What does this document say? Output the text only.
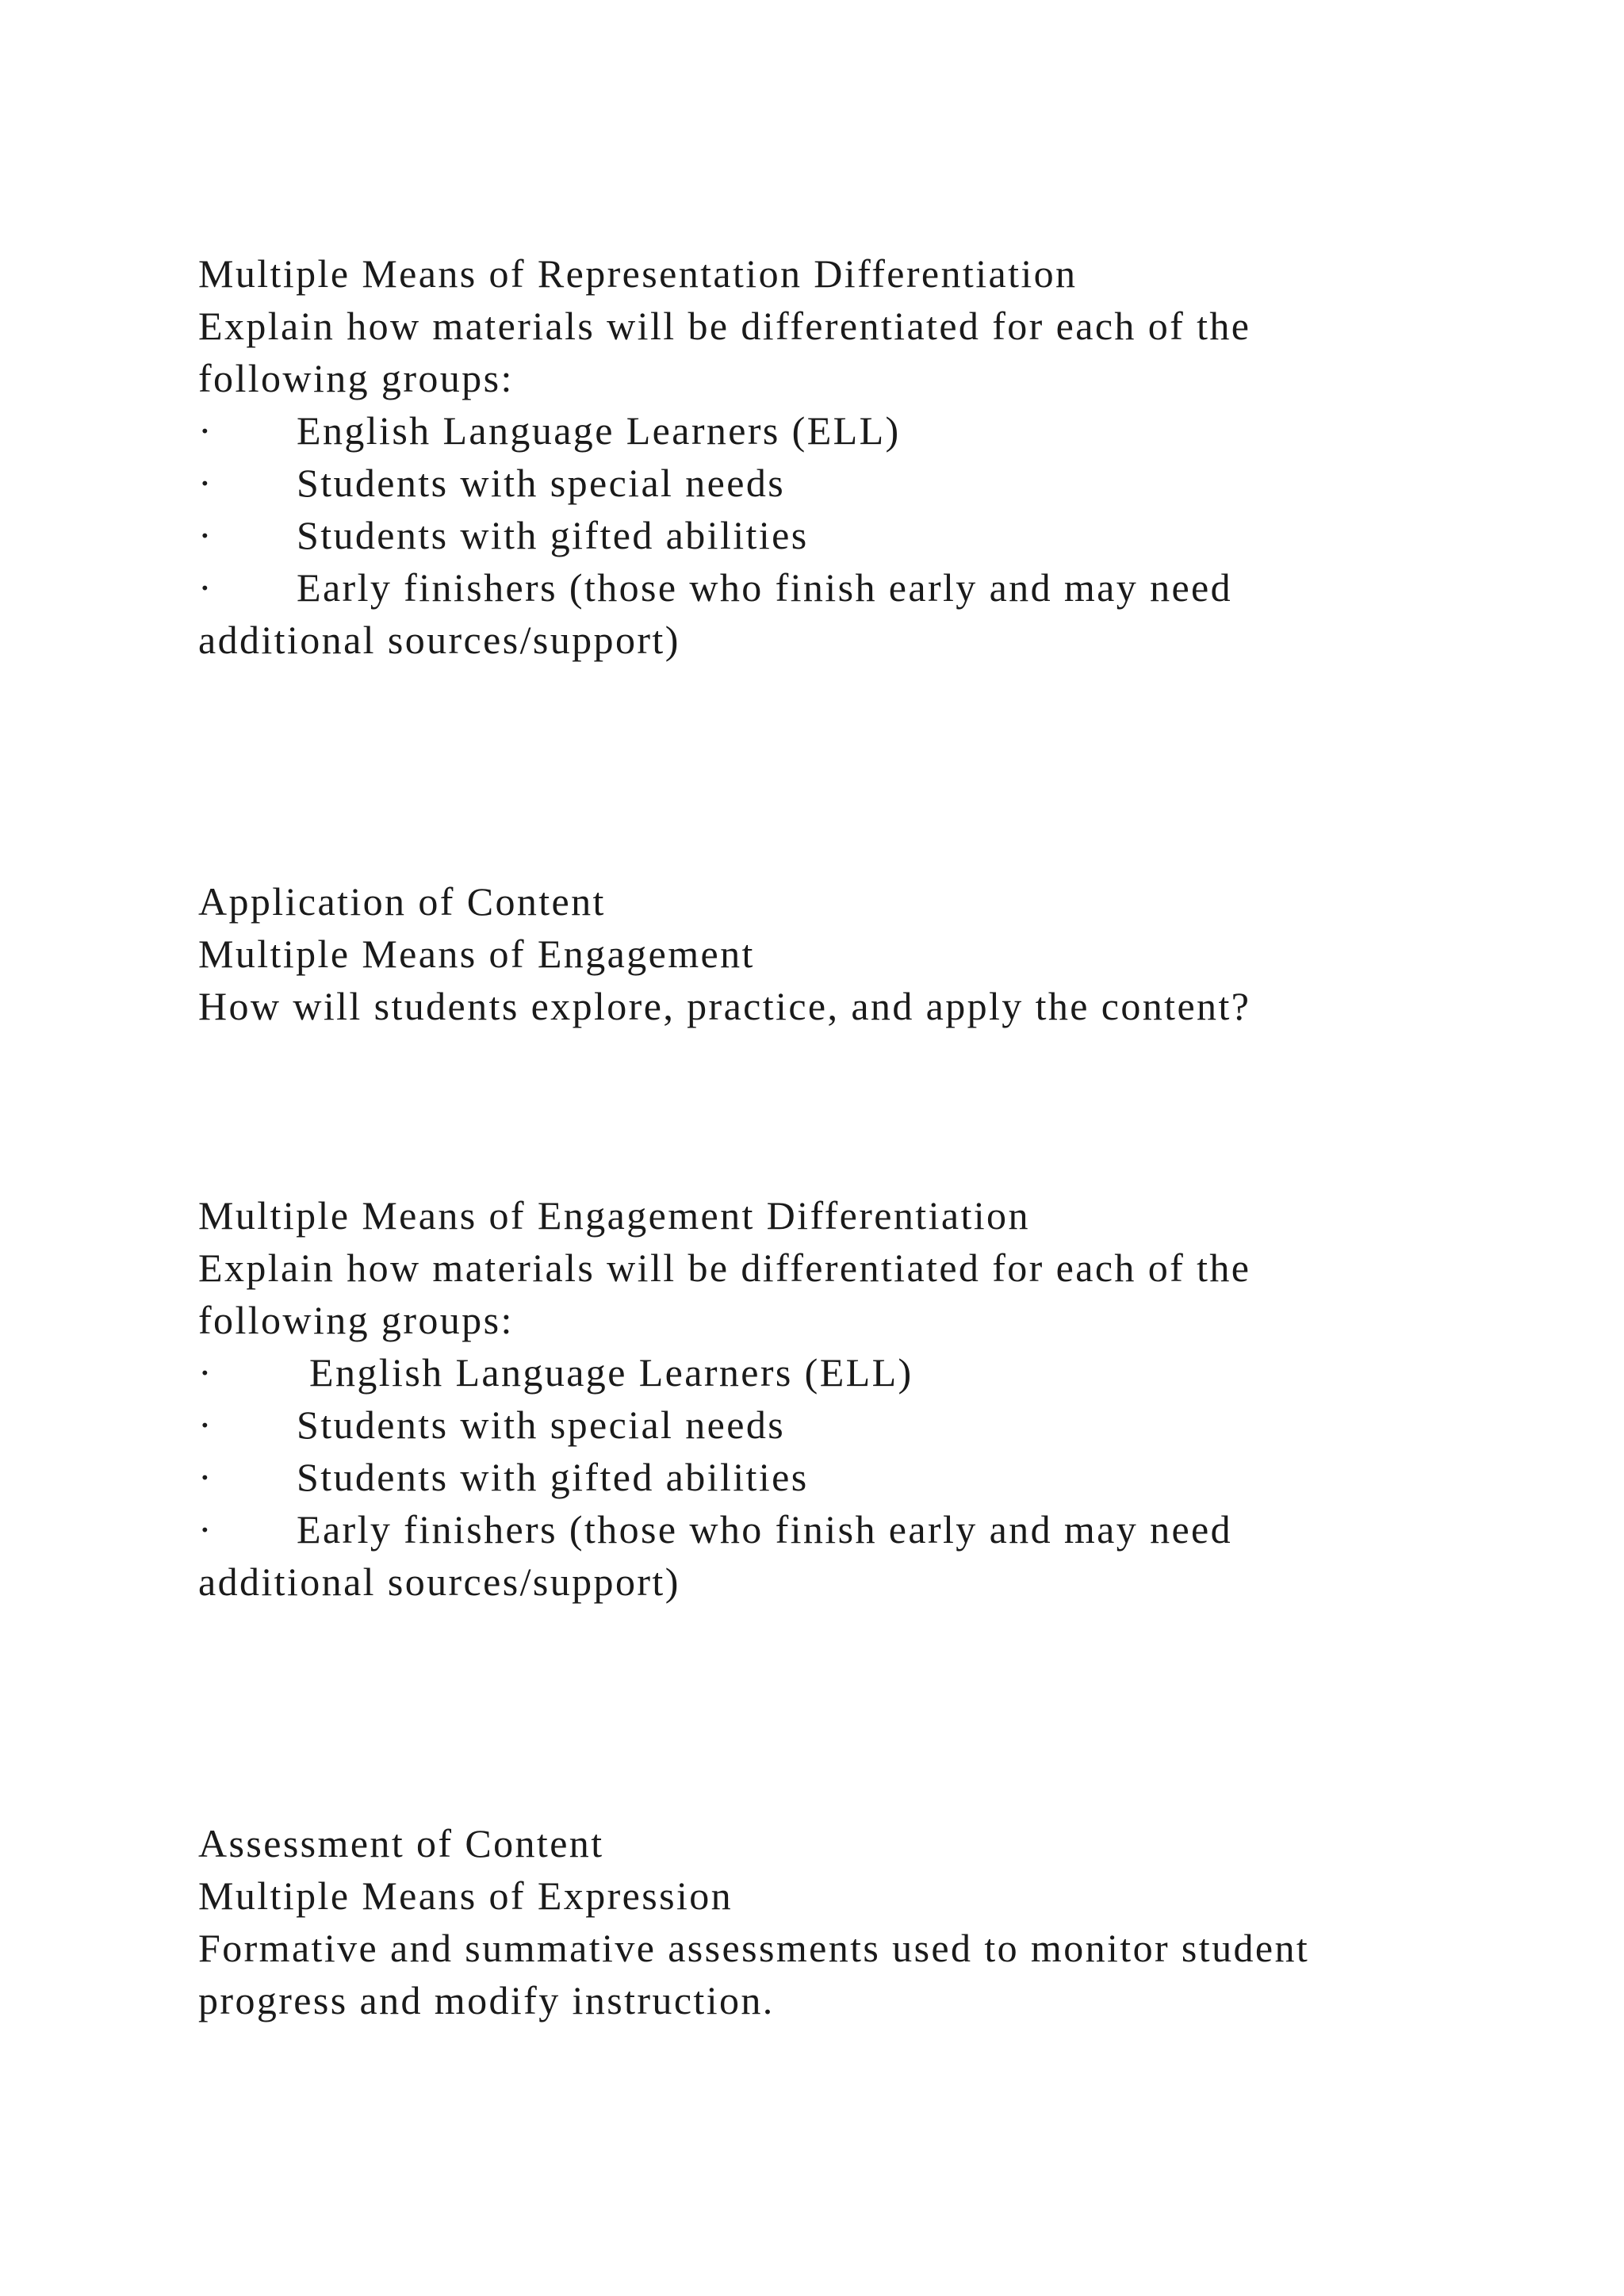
Multiple Means of Representation Differentiation
Explain how materials will be differentiated for each of the
following groups:
· English Language Learners (ELL)
· Students with special needs
· Students with gifted abilities
· Early finishers (those who finish early and may need
additional sources/support)
Application of Content
Multiple Means of Engagement
How will students explore, practice, and apply the content?
Multiple Means of Engagement Differentiation
Explain how materials will be differentiated for each of the
following groups:
· English Language Learners (ELL)
· Students with special needs
· Students with gifted abilities
· Early finishers (those who finish early and may need
additional sources/support)
Assessment of Content
Multiple Means of Expression
Formative and summative assessments used to monitor student
progress and modify instruction.
